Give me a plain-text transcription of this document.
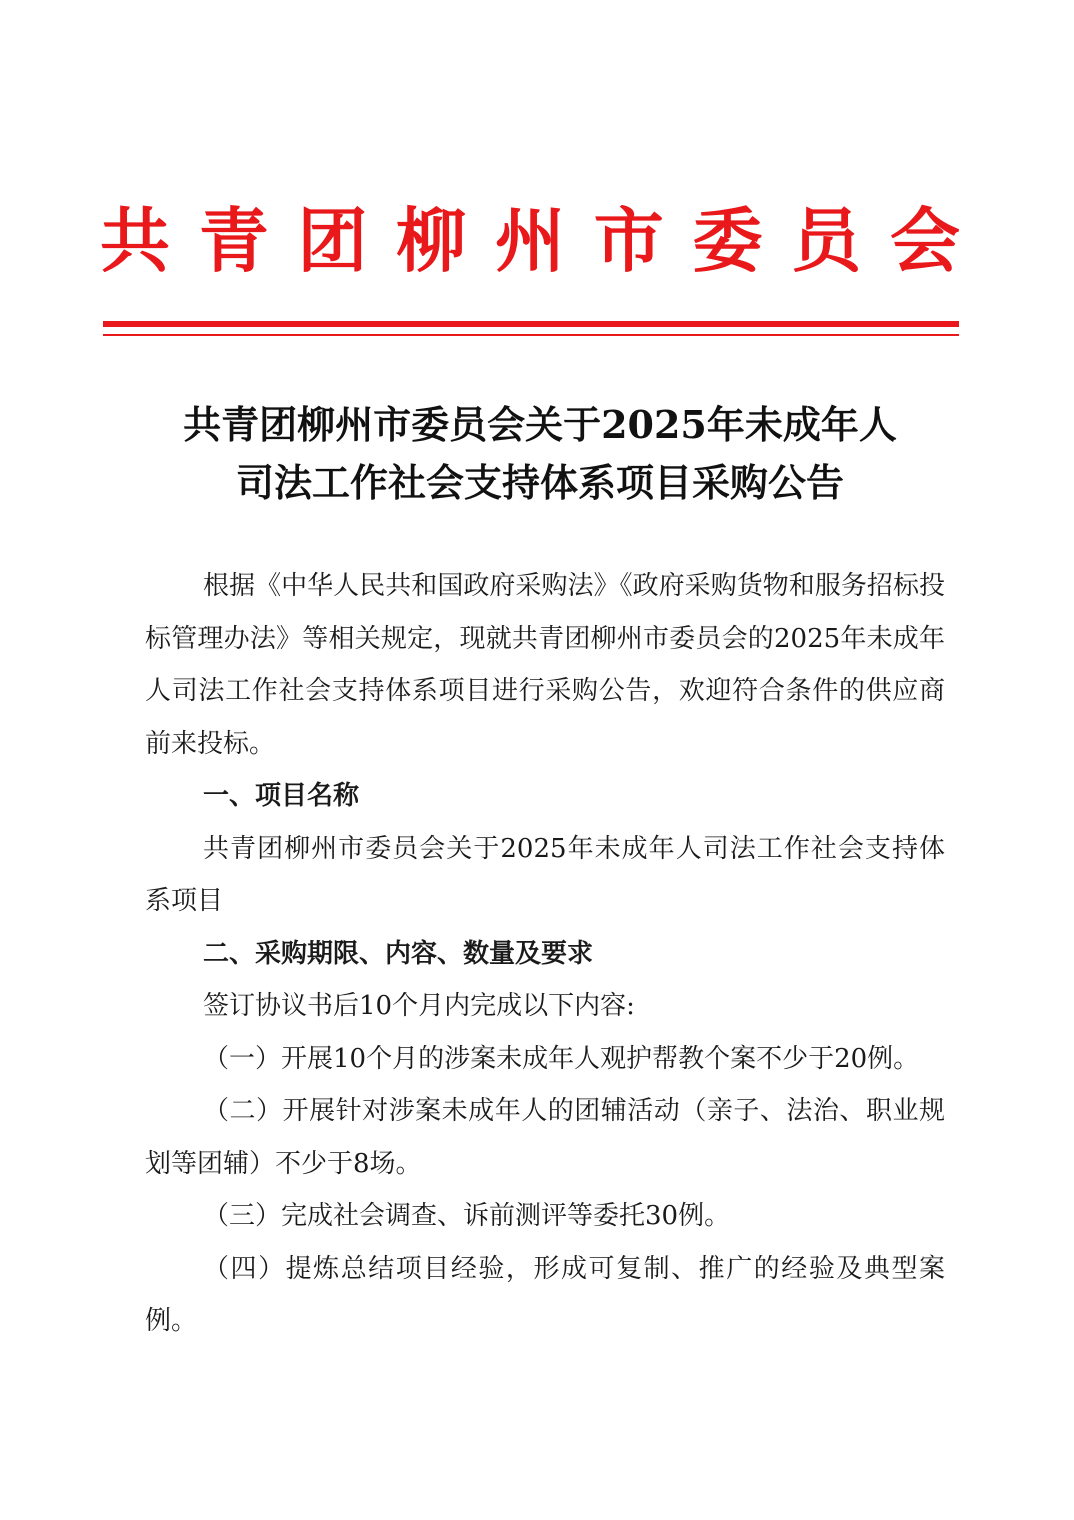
共 青 团 柳 州 市 委 员 会
共青团柳州市委员会关于2025年未成年人
司法工作社会支持体系项目采购公告

根据《中华人民共和国政府采购法》《政府采购货物和服务招标投标管理办法》等相关规定，现就共青团柳州市委员会的2025年未成年人司法工作社会支持体系项目进行采购公告，欢迎符合条件的供应商前来投标。

一、项目名称

共青团柳州市委员会关于2025年未成年人司法工作社会支持体系项目

二、采购期限、内容、数量及要求

签订协议书后10个月内完成以下内容:

（一）开展10个月的涉案未成年人观护帮教个案不少于20例。

（二）开展针对涉案未成年人的团辅活动（亲子、法治、职业规划等团辅）不少于8场。

（三）完成社会调查、诉前测评等委托30例。

（四）提炼总结项目经验，形成可复制、推广的经验及典型案例。
